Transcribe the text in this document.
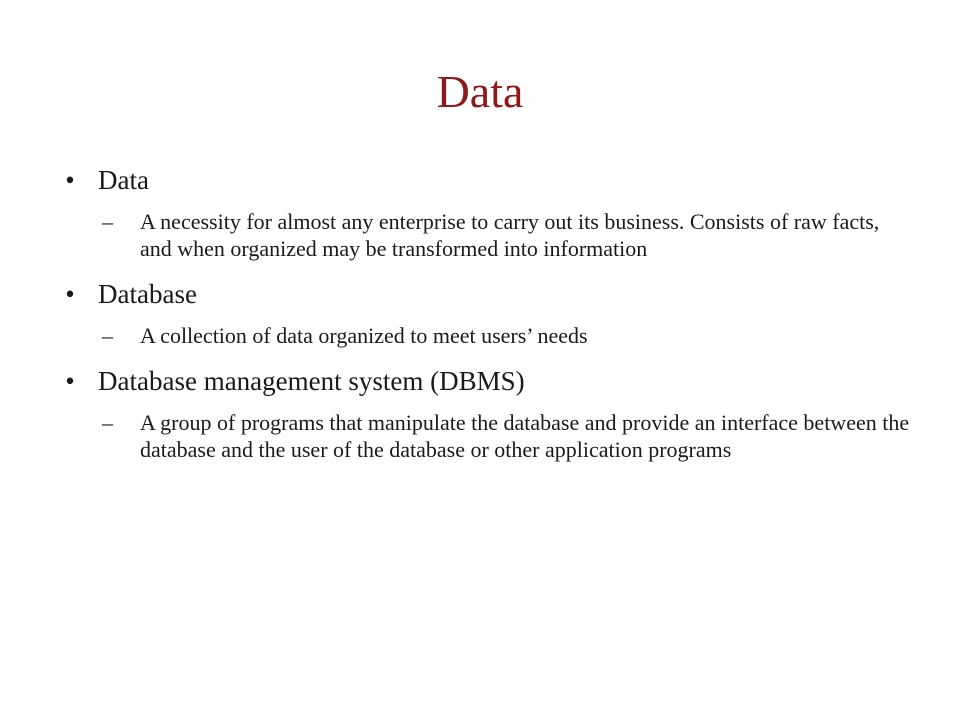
Data
• Data
–	A necessity for almost any enterprise to carry out its business. Consists of raw facts, and when organized may be transformed into information
• Database
–	A collection of data organized to meet users’ needs
• Database management system (DBMS)
–	A group of programs that manipulate the database and provide an interface between the database and the user of the database or other application programs
